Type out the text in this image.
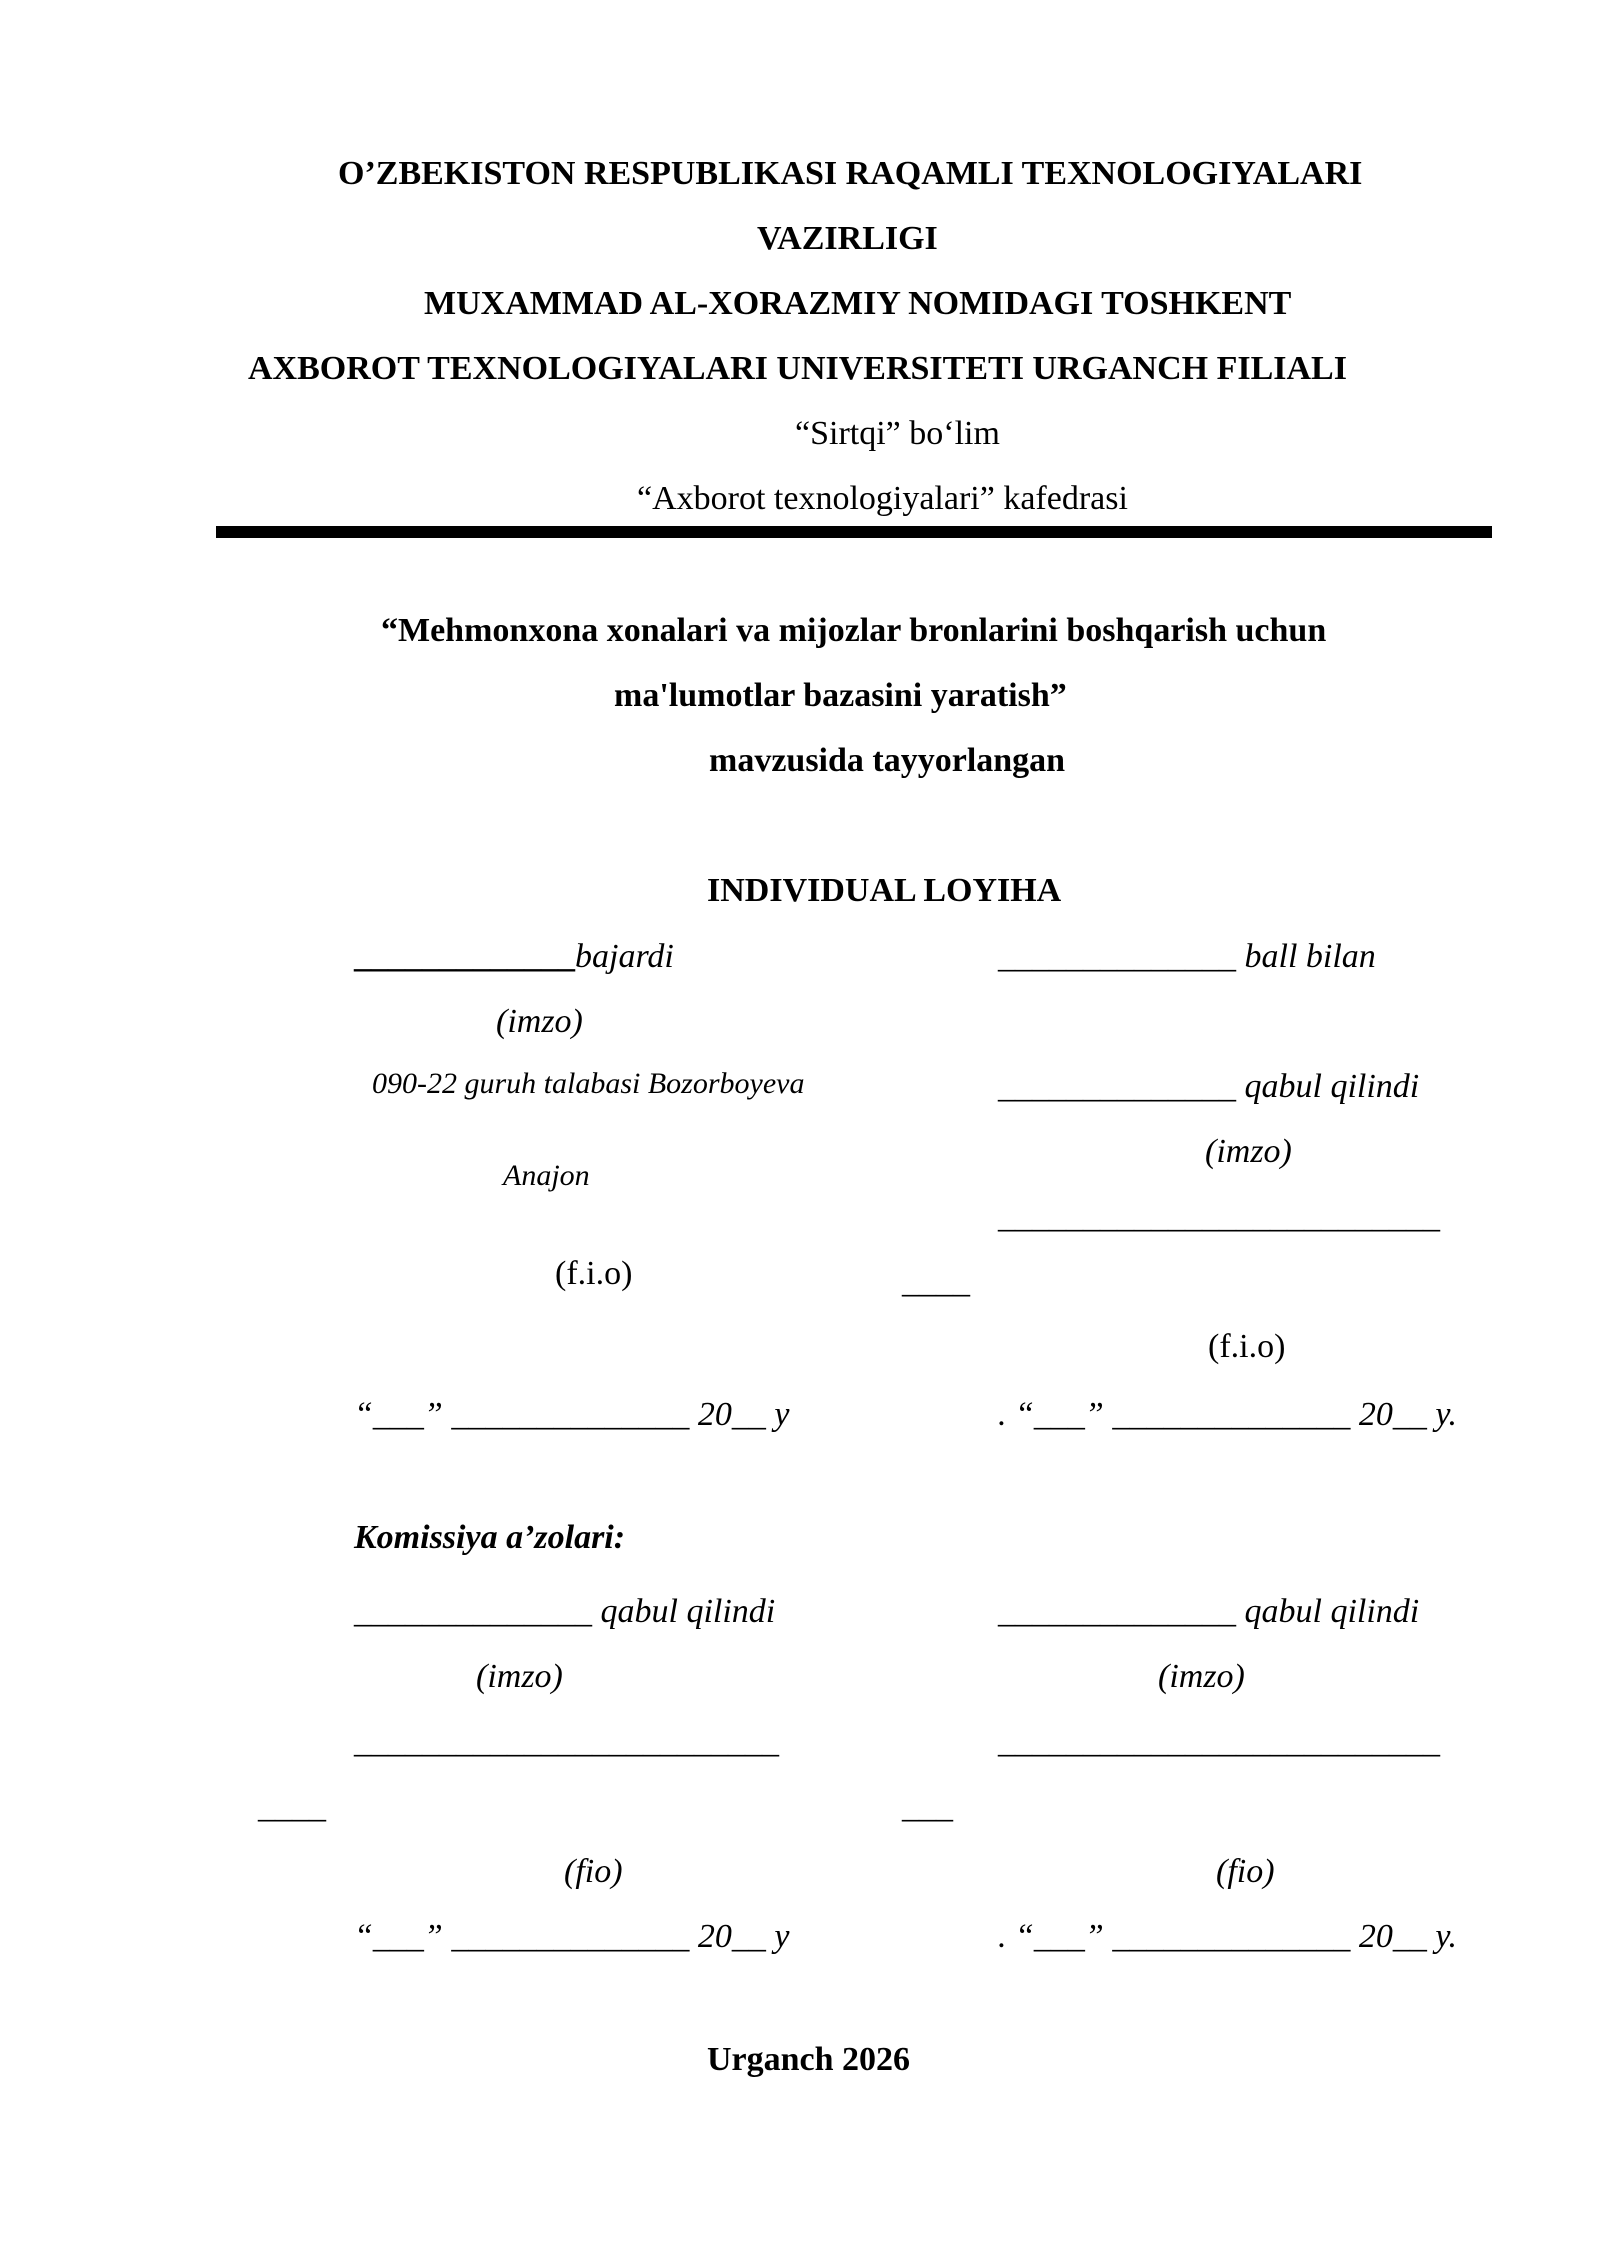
O’ZBEKISTON RESPUBLIKASI RAQAMLI TEXNOLOGIYALARI
VAZIRLIGI
MUXAMMAD AL-XORAZMIY NOMIDAGI TOSHKENT
AXBOROT TEXNOLOGIYALARI UNIVERSITETI URGANCH FILIALI
“Sirtqi” bo‘lim
“Axborot texnologiyalari” kafedrasi
“Mehmonxona xonalari va mijozlar bronlarini boshqarish uchun
ma'lumotlar bazasini yaratish”
mavzusida tayyorlangan
INDIVIDUAL LOYIHA
_____________bajardi
(imzo)
090-22 guruh talabasi Bozorboyeva
Anajon
(f.i.o)
“___” ______________ 20__ y
______________ ball bilan
______________ qabul qilindi
(imzo)
__________________________
(f.i.o)
. “___” ______________ 20__ y.
____
Komissiya a’zolari:
______________ qabul qilindi
(imzo)
_________________________
____
(fio)
“___” ______________ 20__ y
______________ qabul qilindi
(imzo)
__________________________
___
(fio)
. “___” ______________ 20__ y.
Urganch 2026
